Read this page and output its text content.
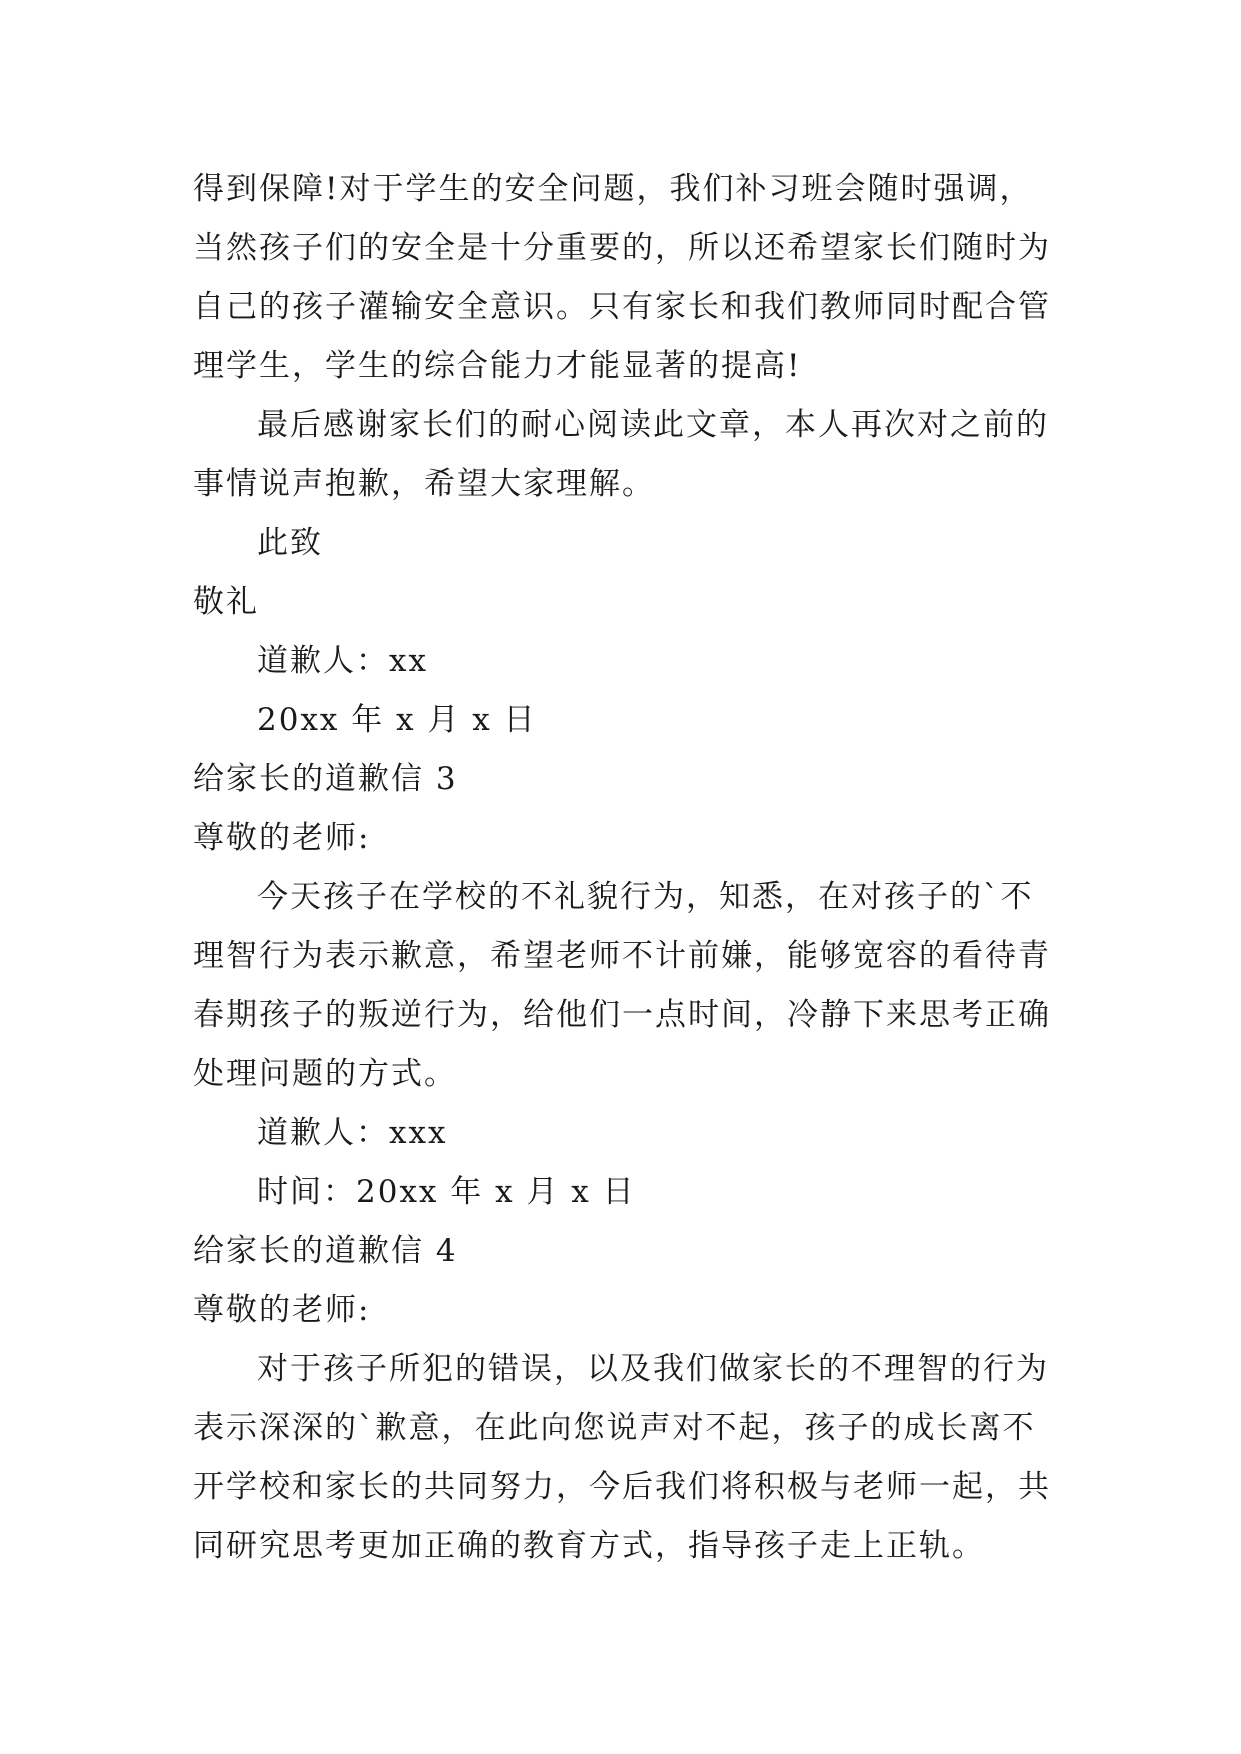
得到保障!对于学生的安全问题，我们补习班会随时强调，
当然孩子们的安全是十分重要的，所以还希望家长们随时为
自己的孩子灌输安全意识。只有家长和我们教师同时配合管
理学生，学生的综合能力才能显著的提高!

最后感谢家长们的耐心阅读此文章，本人再次对之前的
事情说声抱歉，希望大家理解。

此致

敬礼

道歉人：xx

20xx 年 x 月 x 日

给家长的道歉信 3

尊敬的老师:

今天孩子在学校的不礼貌行为，知悉，在对孩子的`不
理智行为表示歉意，希望老师不计前嫌，能够宽容的看待青
春期孩子的叛逆行为，给他们一点时间，冷静下来思考正确
处理问题的方式。

道歉人：xxx

时间：20xx 年 x 月 x 日

给家长的道歉信 4

尊敬的老师:

对于孩子所犯的错误，以及我们做家长的不理智的行为
表示深深的`歉意，在此向您说声对不起，孩子的成长离不
开学校和家长的共同努力，今后我们将积极与老师一起，共
同研究思考更加正确的教育方式，指导孩子走上正轨。
